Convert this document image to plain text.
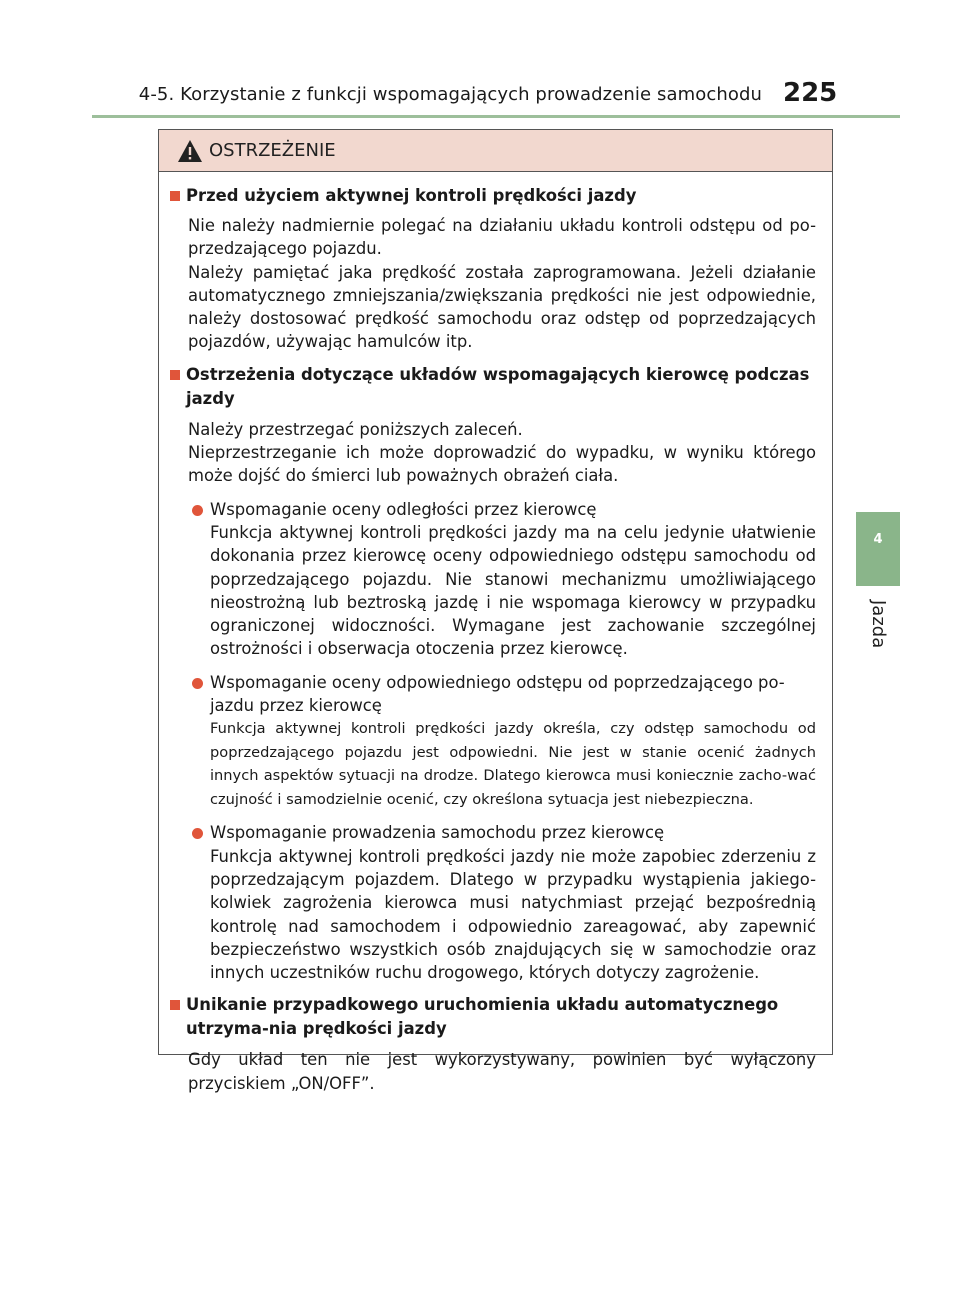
4-5. Korzystanie z funkcji wspomagających prowadzenie samochodu 225
4
Jazda
OSTRZEŻENIE
Przed użyciem aktywnej kontroli prędkości jazdy

Nie należy nadmiernie polegać na działaniu układu kontroli odstępu od po-przedzającego pojazdu.

Należy pamiętać jaka prędkość została zaprogramowana. Jeżeli działanie automatycznego zmniejszania/zwiększania prędkości nie jest odpowiednie, należy dostosować prędkość samochodu oraz odstęp od poprzedzających pojazdów, używając hamulców itp.

Ostrzeżenia dotyczące układów wspomagających kierowcę podczas jazdy

Należy przestrzegać poniższych zaleceń.

Nieprzestrzeganie ich może doprowadzić do wypadku, w wyniku którego może dojść do śmierci lub poważnych obrażeń ciała.

Wspomaganie oceny odległości przez kierowcę

Funkcja aktywnej kontroli prędkości jazdy ma na celu jedynie ułatwienie dokonania przez kierowcę oceny odpowiedniego odstępu samochodu od poprzedzającego pojazdu. Nie stanowi mechanizmu umożliwiającego nieostrożną lub beztroską jazdę i nie wspomaga kierowcy w przypadku ograniczonej widoczności. Wymagane jest zachowanie szczególnej ostrożności i obserwacja otoczenia przez kierowcę.

Wspomaganie oceny odpowiedniego odstępu od poprzedzającego po-jazdu przez kierowcę

Funkcja aktywnej kontroli prędkości jazdy określa, czy odstęp samochodu od poprzedzającego pojazdu jest odpowiedni. Nie jest w stanie ocenić żadnych innych aspektów sytuacji na drodze. Dlatego kierowca musi koniecznie zacho-wać czujność i samodzielnie ocenić, czy określona sytuacja jest niebezpieczna.

Wspomaganie prowadzenia samochodu przez kierowcę

Funkcja aktywnej kontroli prędkości jazdy nie może zapobiec zderzeniu z poprzedzającym pojazdem. Dlatego w przypadku wystąpienia jakiego-kolwiek zagrożenia kierowca musi natychmiast przejąć bezpośrednią kontrolę nad samochodem i odpowiednio zareagować, aby zapewnić bezpieczeństwo wszystkich osób znajdujących się w samochodzie oraz innych uczestników ruchu drogowego, których dotyczy zagrożenie.

Unikanie przypadkowego uruchomienia układu automatycznego utrzyma-nia prędkości jazdy

Gdy układ ten nie jest wykorzystywany, powinien być wyłączony przyciskiem „ON/OFF”.
